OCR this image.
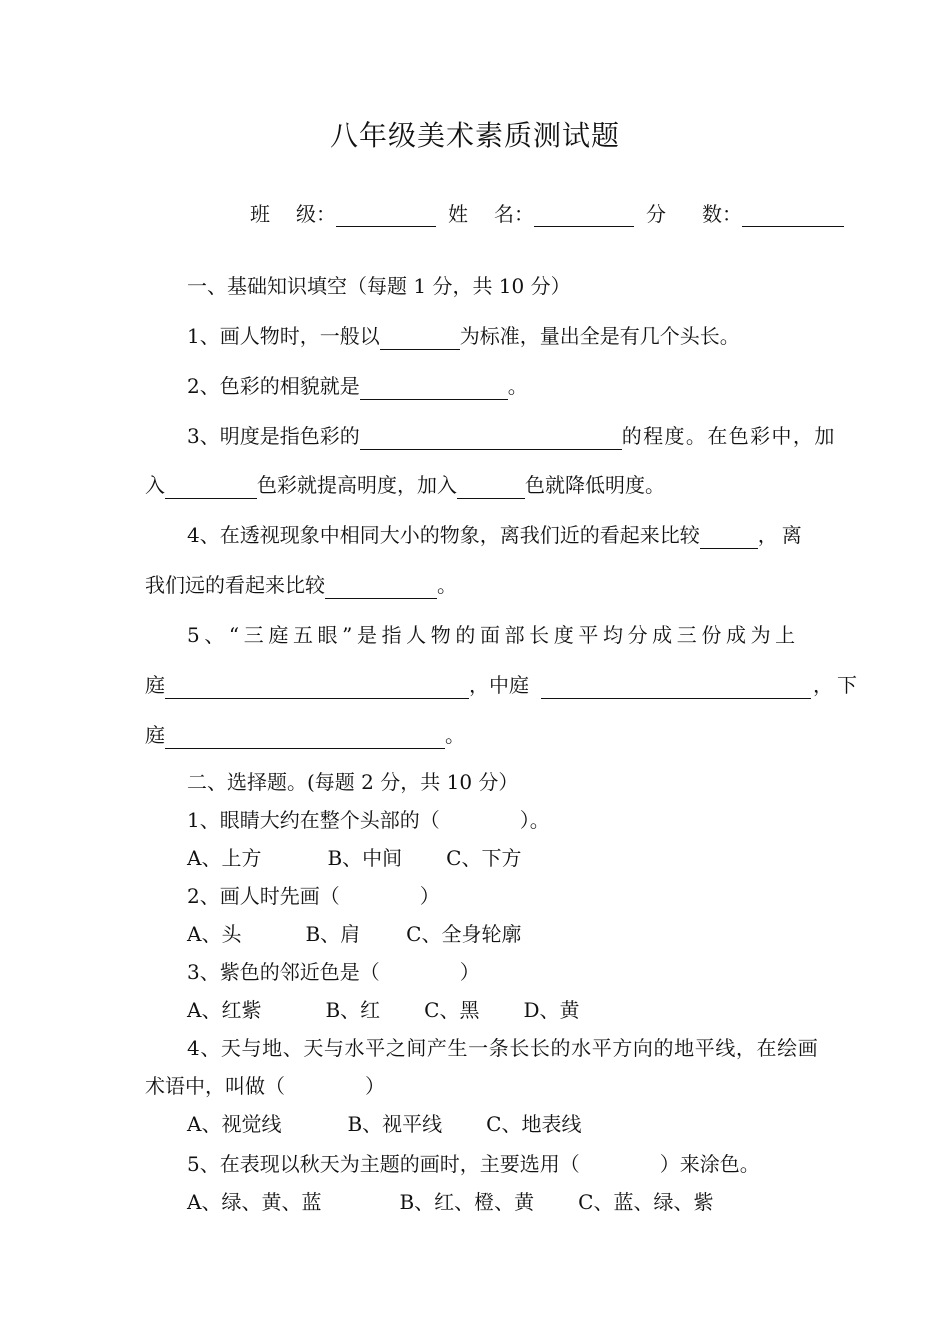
八年级美术素质测试题
班 级：	姓 名：	分 数：
一、基础知识填空（每题 1 分，共 10 分）
1、画人物时，一般以	为标准，量出全是有几个头长。
2、色彩的相貌就是	。
3、明度是指色彩的	的程度。在色彩中，加
入	色彩就提高明度，加入	色就降低明度。
4、在透视现象中相同大小的物象，离我们近的看起来比较	，离
我们远的看起来比较	。
5、“三庭五眼”是指人物的面部长度平均分成三份成为上
庭	，中庭	，下
庭	。
二、选择题。(每题 2 分，共 10 分）
1、眼睛大约在整个头部的（　　　　）。
A、上方	B、中间 C、下方
2、画人时先画（　　　　）
A、头	B、肩 C、全身轮廓
3、紫色的邻近色是（　　　　）
A、红紫	B、红 C、黑 D、黄
4、天与地、天与水平之间产生一条长长的水平方向的地平线，在绘画
术语中，叫做（　　　　）
A、视觉线	B、视平线 C、地表线
5、在表现以秋天为主题的画时，主要选用（　　　　）来涂色。
A、绿、黄、蓝	B、红、橙、黄 C、蓝、绿、紫
